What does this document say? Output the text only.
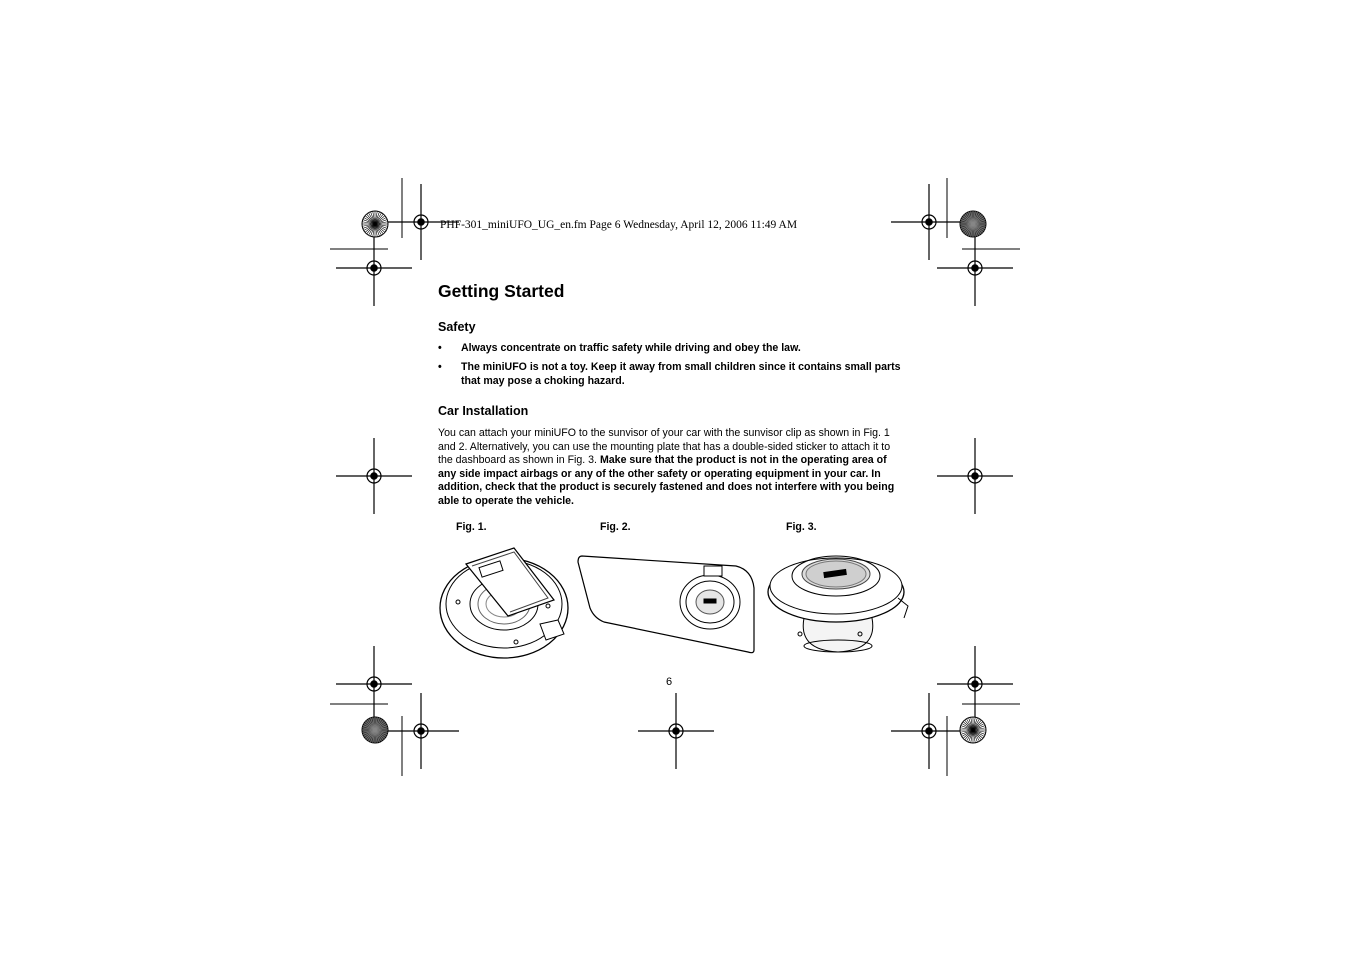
PHF-301_miniUFO_UG_en.fm Page 6 Wednesday, April 12, 2006 11:49 AM
Getting Started
Safety
• Always concentrate on traffic safety while driving and obey the law.
• The miniUFO is not a toy. Keep it away from small children since it contains small parts that may pose a choking hazard.
Car Installation
You can attach your miniUFO to the sunvisor of your car with the sunvisor clip as shown in Fig. 1 and 2. Alternatively, you can use the mounting plate that has a double-sided sticker to attach it to the dashboard as shown in Fig. 3. Make sure that the product is not in the operating area of any side impact airbags or any of the other safety or operating equipment in your car. In addition, check that the product is securely fastened and does not interfere with you being able to operate the vehicle.
Fig. 1.	Fig. 2.	Fig. 3.
6
